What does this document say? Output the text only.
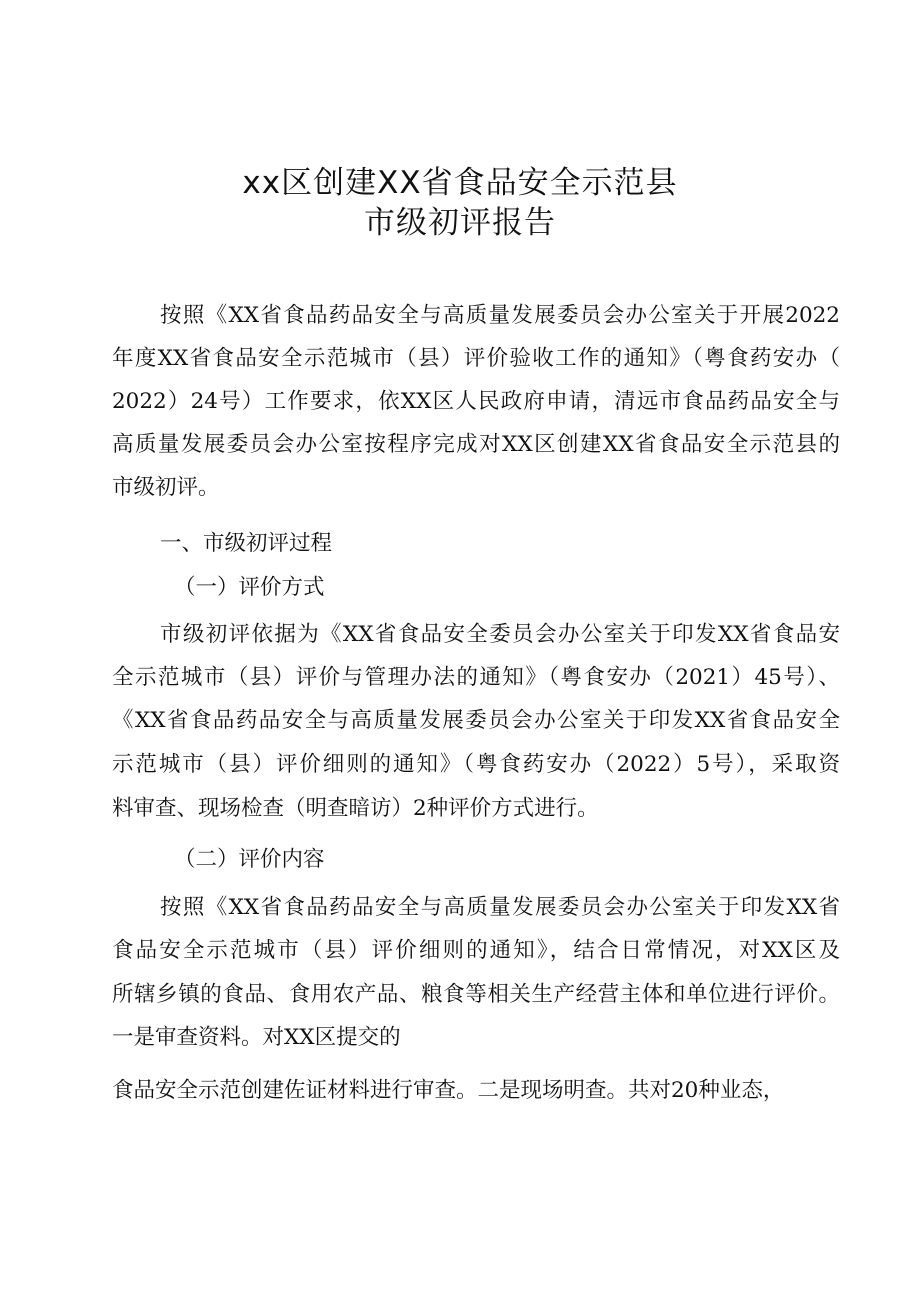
xx区创建XX省食品安全示范县
市级初评报告
按照《XX省食品药品安全与高质量发展委员会办公室关于开展2022
年度XX省食品安全示范城市（县）评价验收工作的通知》（粤食药安办（
2022）24号）工作要求，依XX区人民政府申请，清远市食品药品安全与
高质量发展委员会办公室按程序完成对XX区创建XX省食品安全示范县的
市级初评。
一、市级初评过程
（一）评价方式
市级初评依据为《XX省食品安全委员会办公室关于印发XX省食品安
全示范城市（县）评价与管理办法的通知》（粤食安办（2021）45号）、
《XX省食品药品安全与高质量发展委员会办公室关于印发XX省食品安全
示范城市（县）评价细则的通知》（粤食药安办（2022）5号），采取资
料审查、现场检查（明查暗访）2种评价方式进行。
（二）评价内容
按照《XX省食品药品安全与高质量发展委员会办公室关于印发XX省
食品安全示范城市（县）评价细则的通知》，结合日常情况，对XX区及
所辖乡镇的食品、食用农产品、粮食等相关生产经营主体和单位进行评价。
一是审查资料。对XX区提交的
食品安全示范创建佐证材料进行审查。二是现场明查。共对20种业态，
